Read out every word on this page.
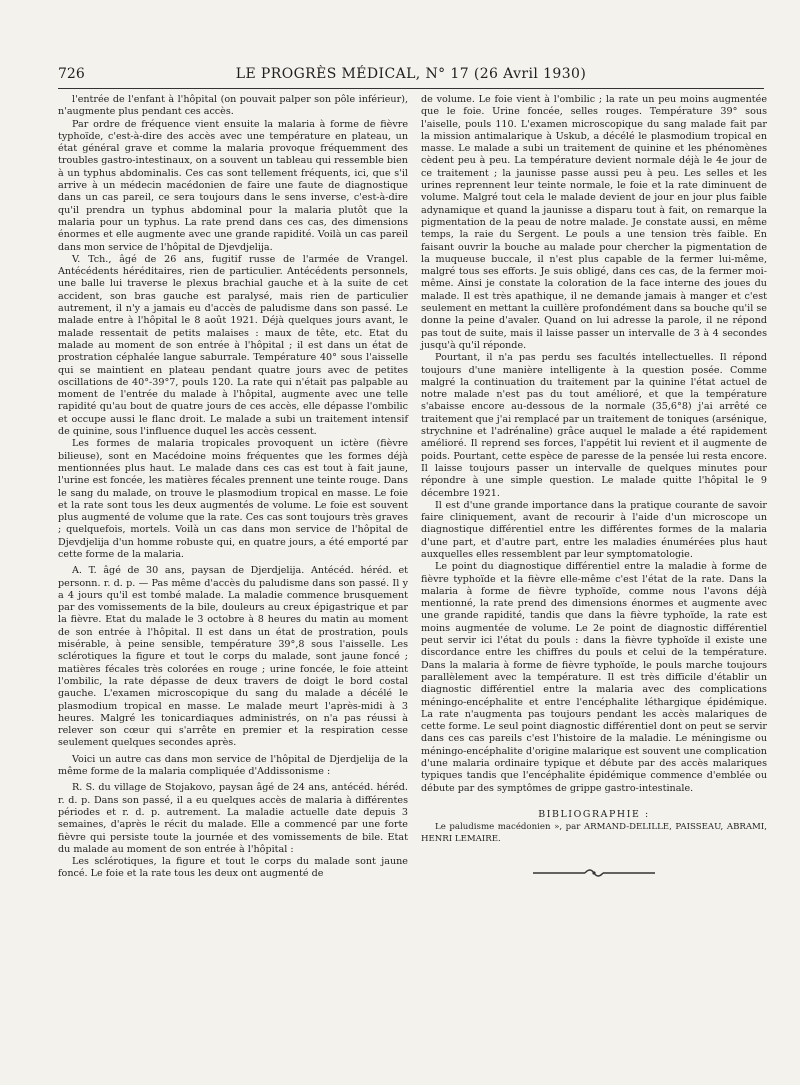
726	LE PROGRÈS MÉDICAL, N° 17 (26 Avril 1930)

l'entrée de l'enfant à l'hôpital (on pouvait palper son pôle inférieur), n'augmente plus pendant ces accès.

Par ordre de fréquence vient ensuite la malaria à forme de fièvre typhoïde, c'est-à-dire des accès avec une température en plateau, un état général grave et comme la malaria provoque fréquemment des troubles gastro-intestinaux, on a souvent un tableau qui ressemble bien à un typhus abdominalis. Ces cas sont tellement fréquents, ici, que s'il arrive à un médecin macédonien de faire une faute de diagnostique dans un cas pareil, ce sera toujours dans le sens inverse, c'est-à-dire qu'il prendra un typhus abdominal pour la malaria plutôt que la malaria pour un typhus. La rate prend dans ces cas, des dimensions énormes et elle augmente avec une grande rapidité. Voilà un cas pareil dans mon service de l'hôpital de Djevdjelija.

V. Tch., âgé de 26 ans, fugitif russe de l'armée de Vrangel. Antécédents héréditaires, rien de particulier. Antécédents personnels, une balle lui traverse le plexus brachial gauche et à la suite de cet accident, son bras gauche est paralysé, mais rien de particulier autrement, il n'y a jamais eu d'accès de paludisme dans son passé. Le malade entre à l'hôpital le 8 août 1921. Déjà quelques jours avant, le malade ressentait de petits malaises : maux de tête, etc. Etat du malade au moment de son entrée à l'hôpital ; il est dans un état de prostration céphalée langue saburrale. Température 40° sous l'aisselle qui se maintient en plateau pendant quatre jours avec de petites oscillations de 40°-39°7, pouls 120. La rate qui n'était pas palpable au moment de l'entrée du malade à l'hôpital, augmente avec une telle rapidité qu'au bout de quatre jours de ces accès, elle dépasse l'ombilic et occupe aussi le flanc droit. Le malade a subi un traitement intensif de quinine, sous l'influence duquel les accès cessent.

Les formes de malaria tropicales provoquent un ictère (fièvre bilieuse), sont en Macédoine moins fréquentes que les formes déjà mentionnées plus haut. Le malade dans ces cas est tout à fait jaune, l'urine est foncée, les matières fécales prennent une teinte rouge. Dans le sang du malade, on trouve le plasmodium tropical en masse. Le foie et la rate sont tous les deux augmentés de volume. Le foie est souvent plus augmenté de volume que la rate. Ces cas sont toujours très graves ; quelquefois, mortels. Voilà un cas dans mon service de l'hôpital de Djevdjelija d'un homme robuste qui, en quatre jours, a été emporté par cette forme de la malaria.

A. T. âgé de 30 ans, paysan de Djerdjelija. Antécéd. héréd. et personn. r. d. p. — Pas même d'accès du paludisme dans son passé. Il y a 4 jours qu'il est tombé malade. La maladie commence brusquement par des vomissements de la bile, douleurs au creux épigastrique et par la fièvre. Etat du malade le 3 octobre à 8 heures du matin au moment de son entrée à l'hôpital. Il est dans un état de prostration, pouls misérable, à peine sensible, température 39°,8 sous l'aisselle. Les sclérotiques la figure et tout le corps du malade, sont jaune foncé ; matières fécales très colorées en rouge ; urine foncée, le foie atteint l'ombilic, la rate dépasse de deux travers de doigt le bord costal gauche. L'examen microscopique du sang du malade a décélé le plasmodium tropical en masse. Le malade meurt l'après-midi à 3 heures. Malgré les tonicardiaques administrés, on n'a pas réussi à relever son cœur qui s'arrête en premier et la respiration cesse seulement quelques secondes après.

Voici un autre cas dans mon service de l'hôpital de Djerdjelija de la même forme de la malaria compliquée d'Addissonisme :

R. S. du village de Stojakovo, paysan âgé de 24 ans, antécéd. héréd. r. d. p. Dans son passé, il a eu quelques accès de malaria à différentes périodes et r. d. p. autrement. La maladie actuelle date depuis 3 semaines, d'après le récit du malade. Elle a commencé par une forte fièvre qui persiste toute la journée et des vomissements de bile. Etat du malade au moment de son entrée à l'hôpital :

Les sclérotiques, la figure et tout le corps du malade sont jaune foncé. Le foie et la rate tous les deux ont augmenté de

de volume. Le foie vient à l'ombilic ; la rate un peu moins augmentée que le foie. Urine foncée, selles rouges. Température 39° sous l'aiselle, pouls 110. L'examen microscopique du sang malade fait par la mission antimalarique à Uskub, a décélé le plasmodium tropical en masse. Le malade a subi un traitement de quinine et les phénomènes cèdent peu à peu. La température devient normale déjà le 4e jour de ce traitement ; la jaunisse passe aussi peu à peu. Les selles et les urines reprennent leur teinte normale, le foie et la rate diminuent de volume. Malgré tout cela le malade devient de jour en jour plus faible adynamique et quand la jaunisse a disparu tout à fait, on remarque la pigmentation de la peau de notre malade. Je constate aussi, en même temps, la raie du Sergent. Le pouls a une tension très faible. En faisant ouvrir la bouche au malade pour chercher la pigmentation de la muqueuse buccale, il n'est plus capable de la fermer lui-même, malgré tous ses efforts. Je suis obligé, dans ces cas, de la fermer moi-même. Ainsi je constate la coloration de la face interne des joues du malade. Il est très apathique, il ne demande jamais à manger et c'est seulement en mettant la cuillère profondément dans sa bouche qu'il se donne la peine d'avaler. Quand on lui adresse la parole, il ne répond pas tout de suite, mais il laisse passer un intervalle de 3 à 4 secondes jusqu'à qu'il réponde.

Pourtant, il n'a pas perdu ses facultés intellectuelles. Il répond toujours d'une manière intelligente à la question posée. Comme malgré la continuation du traitement par la quinine l'état actuel de notre malade n'est pas du tout amélioré, et que la température s'abaisse encore au-dessous de la normale (35,6°8) j'ai arrêté ce traitement que j'ai remplacé par un traitement de toniques (arsénique, strychnine et l'adrénaline) grâce auquel le malade a été rapidement amélioré. Il reprend ses forces, l'appétit lui revient et il augmente de poids. Pourtant, cette espèce de paresse de la pensée lui resta encore. Il laisse toujours passer un intervalle de quelques minutes pour répondre à une simple question. Le malade quitte l'hôpital le 9 décembre 1921.

Il est d'une grande importance dans la pratique courante de savoir faire cliniquement, avant de recourir à l'aide d'un microscope un diagnostique différentiel entre les différentes formes de la malaria d'une part, et d'autre part, entre les maladies énumérées plus haut auxquelles elles ressemblent par leur symptomatologie.

Le point du diagnostique différentiel entre la maladie à forme de fièvre typhoïde et la fièvre elle-même c'est l'état de la rate. Dans la malaria à forme de fièvre typhoïde, comme nous l'avons déjà mentionné, la rate prend des dimensions énormes et augmente avec une grande rapidité, tandis que dans la fièvre typhoïde, la rate est moins augmentée de volume. Le 2e point de diagnostic différentiel peut servir ici l'état du pouls : dans la fièvre typhoïde il existe une discordance entre les chiffres du pouls et celui de la température. Dans la malaria à forme de fièvre typhoïde, le pouls marche toujours parallèlement avec la température. Il est très difficile d'établir un diagnostic différentiel entre la malaria avec des complications méningo-encéphalite et entre l'encéphalite léthargique épidémique. La rate n'augmenta pas toujours pendant les accès malariques de cette forme. Le seul point diagnostic différentiel dont on peut se servir dans ces cas pareils c'est l'histoire de la maladie. Le méningisme ou méningo-encéphalite d'origine malarique est souvent une complication d'une malaria ordinaire typique et débute par des accès malariques typiques tandis que l'encéphalite épidémique commence d'emblée ou débute par des symptômes de grippe gastro-intestinale.

BIBLIOGRAPHIE :

Le paludisme macédonien », par ARMAND-DELILLE, PAISSEAU, ABRAMI, HENRI LEMAIRE.
